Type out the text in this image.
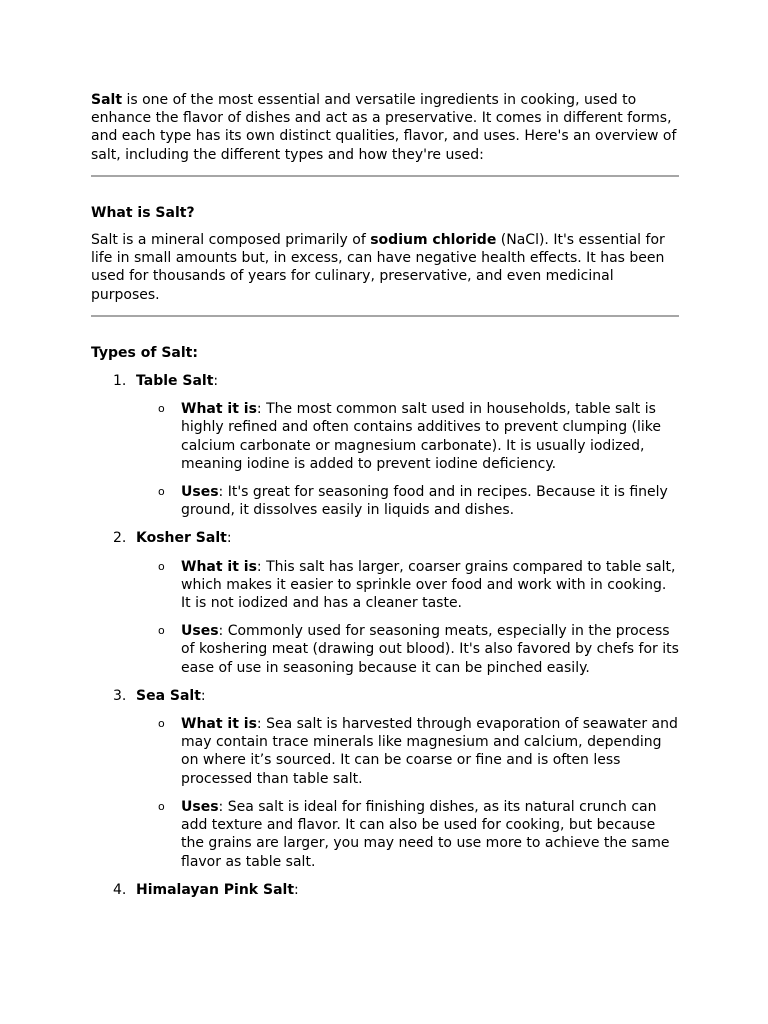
Salt is one of the most essential and versatile ingredients in cooking, used to enhance the flavor of dishes and act as a preservative. It comes in different forms, and each type has its own distinct qualities, flavor, and uses. Here's an overview of salt, including the different types and how they're used:

What is Salt?

Salt is a mineral composed primarily of sodium chloride (NaCl). It's essential for life in small amounts but, in excess, can have negative health effects. It has been used for thousands of years for culinary, preservative, and even medicinal purposes.

Types of Salt:

1. Table Salt:
o What it is: The most common salt used in households, table salt is highly refined and often contains additives to prevent clumping (like calcium carbonate or magnesium carbonate). It is usually iodized, meaning iodine is added to prevent iodine deficiency.
o Uses: It's great for seasoning food and in recipes. Because it is finely ground, it dissolves easily in liquids and dishes.
2. Kosher Salt:
o What it is: This salt has larger, coarser grains compared to table salt, which makes it easier to sprinkle over food and work with in cooking. It is not iodized and has a cleaner taste.
o Uses: Commonly used for seasoning meats, especially in the process of koshering meat (drawing out blood). It's also favored by chefs for its ease of use in seasoning because it can be pinched easily.
3. Sea Salt:
o What it is: Sea salt is harvested through evaporation of seawater and may contain trace minerals like magnesium and calcium, depending on where it’s sourced. It can be coarse or fine and is often less processed than table salt.
o Uses: Sea salt is ideal for finishing dishes, as its natural crunch can add texture and flavor. It can also be used for cooking, but because the grains are larger, you may need to use more to achieve the same flavor as table salt.
4. Himalayan Pink Salt:
